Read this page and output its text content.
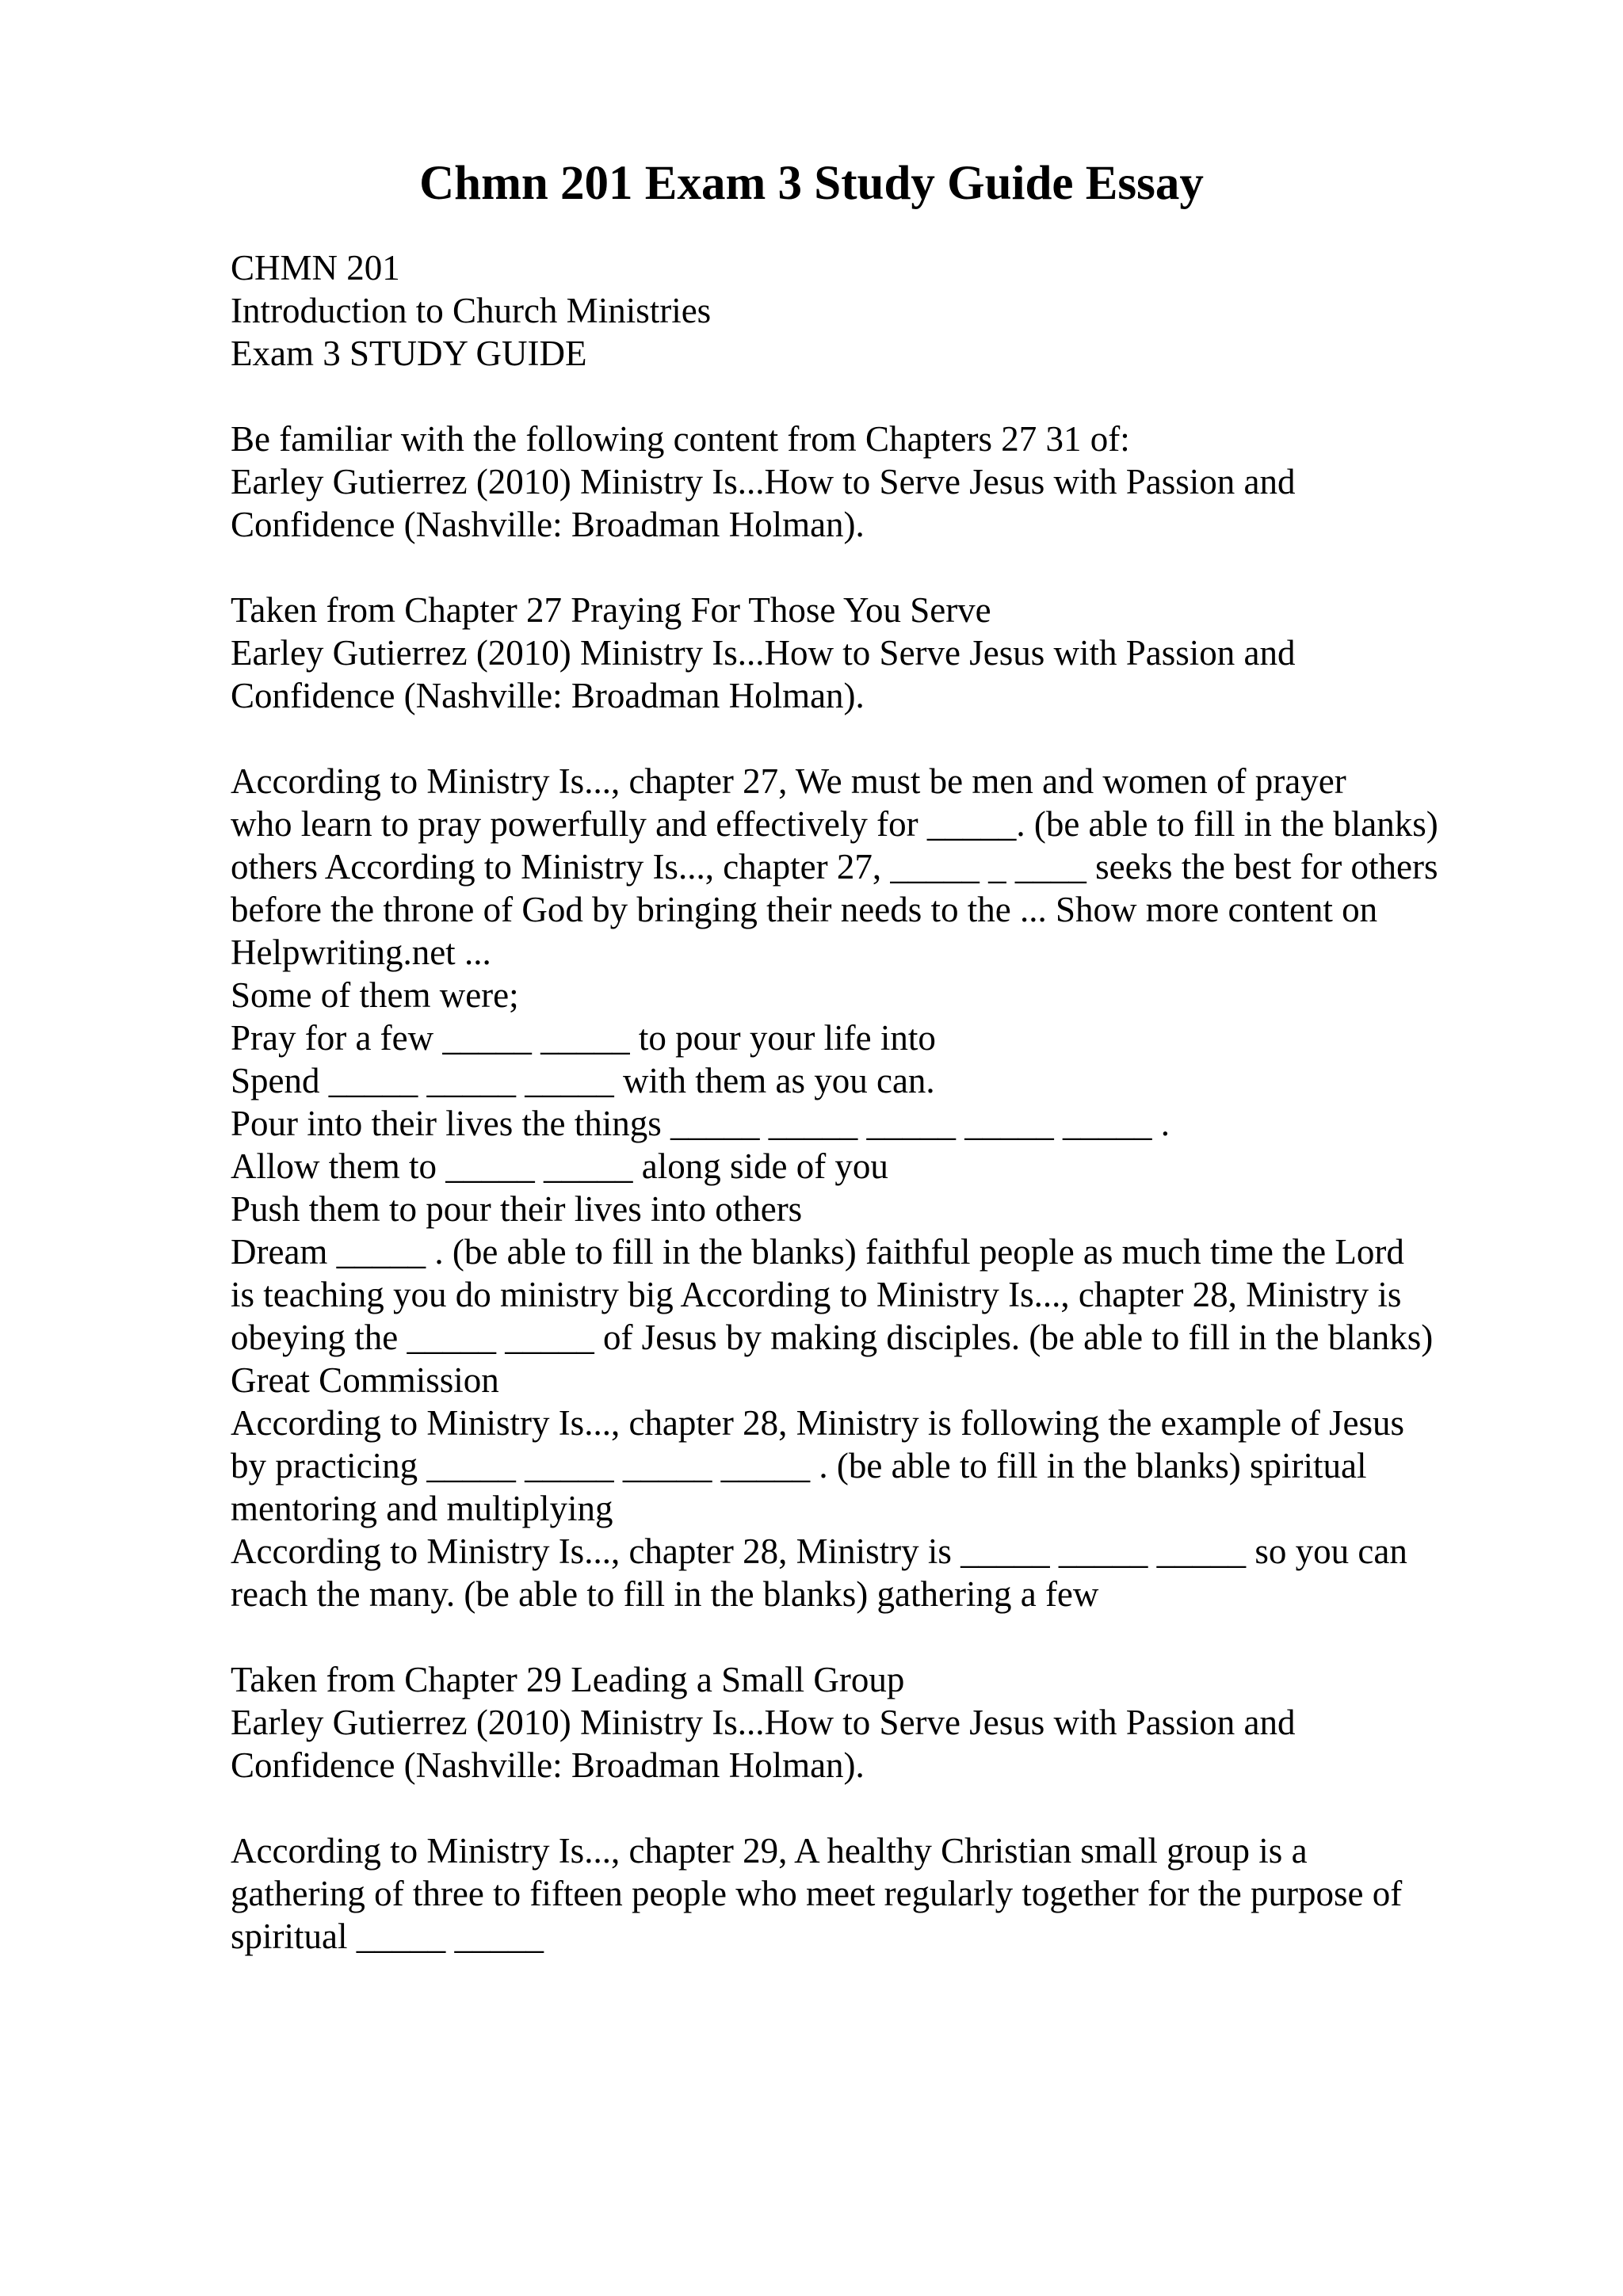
Chmn 201 Exam 3 Study Guide Essay
CHMN 201
Introduction to Church Ministries
Exam 3 STUDY GUIDE
Be familiar with the following content from Chapters 27 31 of:
Earley Gutierrez (2010) Ministry Is...How to Serve Jesus with Passion and
Confidence (Nashville: Broadman Holman).
Taken from Chapter 27 Praying For Those You Serve
Earley Gutierrez (2010) Ministry Is...How to Serve Jesus with Passion and
Confidence (Nashville: Broadman Holman).
According to Ministry Is..., chapter 27, We must be men and women of prayer
who learn to pray powerfully and effectively for _____. (be able to fill in the blanks)
others According to Ministry Is..., chapter 27, _____ _ ____ seeks the best for others
before the throne of God by bringing their needs to the ... Show more content on
Helpwriting.net ...
Some of them were;
Pray for a few _____ _____ to pour your life into
Spend _____ _____ _____ with them as you can.
Pour into their lives the things _____ _____ _____ _____ _____ .
Allow them to _____ _____ along side of you
Push them to pour their lives into others
Dream _____ . (be able to fill in the blanks) faithful people as much time the Lord
is teaching you do ministry big According to Ministry Is..., chapter 28, Ministry is
obeying the _____ _____ of Jesus by making disciples. (be able to fill in the blanks)
Great Commission
According to Ministry Is..., chapter 28, Ministry is following the example of Jesus
by practicing _____ _____ _____ _____ . (be able to fill in the blanks) spiritual
mentoring and multiplying
According to Ministry Is..., chapter 28, Ministry is _____ _____ _____ so you can
reach the many. (be able to fill in the blanks) gathering a few
Taken from Chapter 29 Leading a Small Group
Earley Gutierrez (2010) Ministry Is...How to Serve Jesus with Passion and
Confidence (Nashville: Broadman Holman).
According to Ministry Is..., chapter 29, A healthy Christian small group is a
gathering of three to fifteen people who meet regularly together for the purpose of
spiritual _____ _____
